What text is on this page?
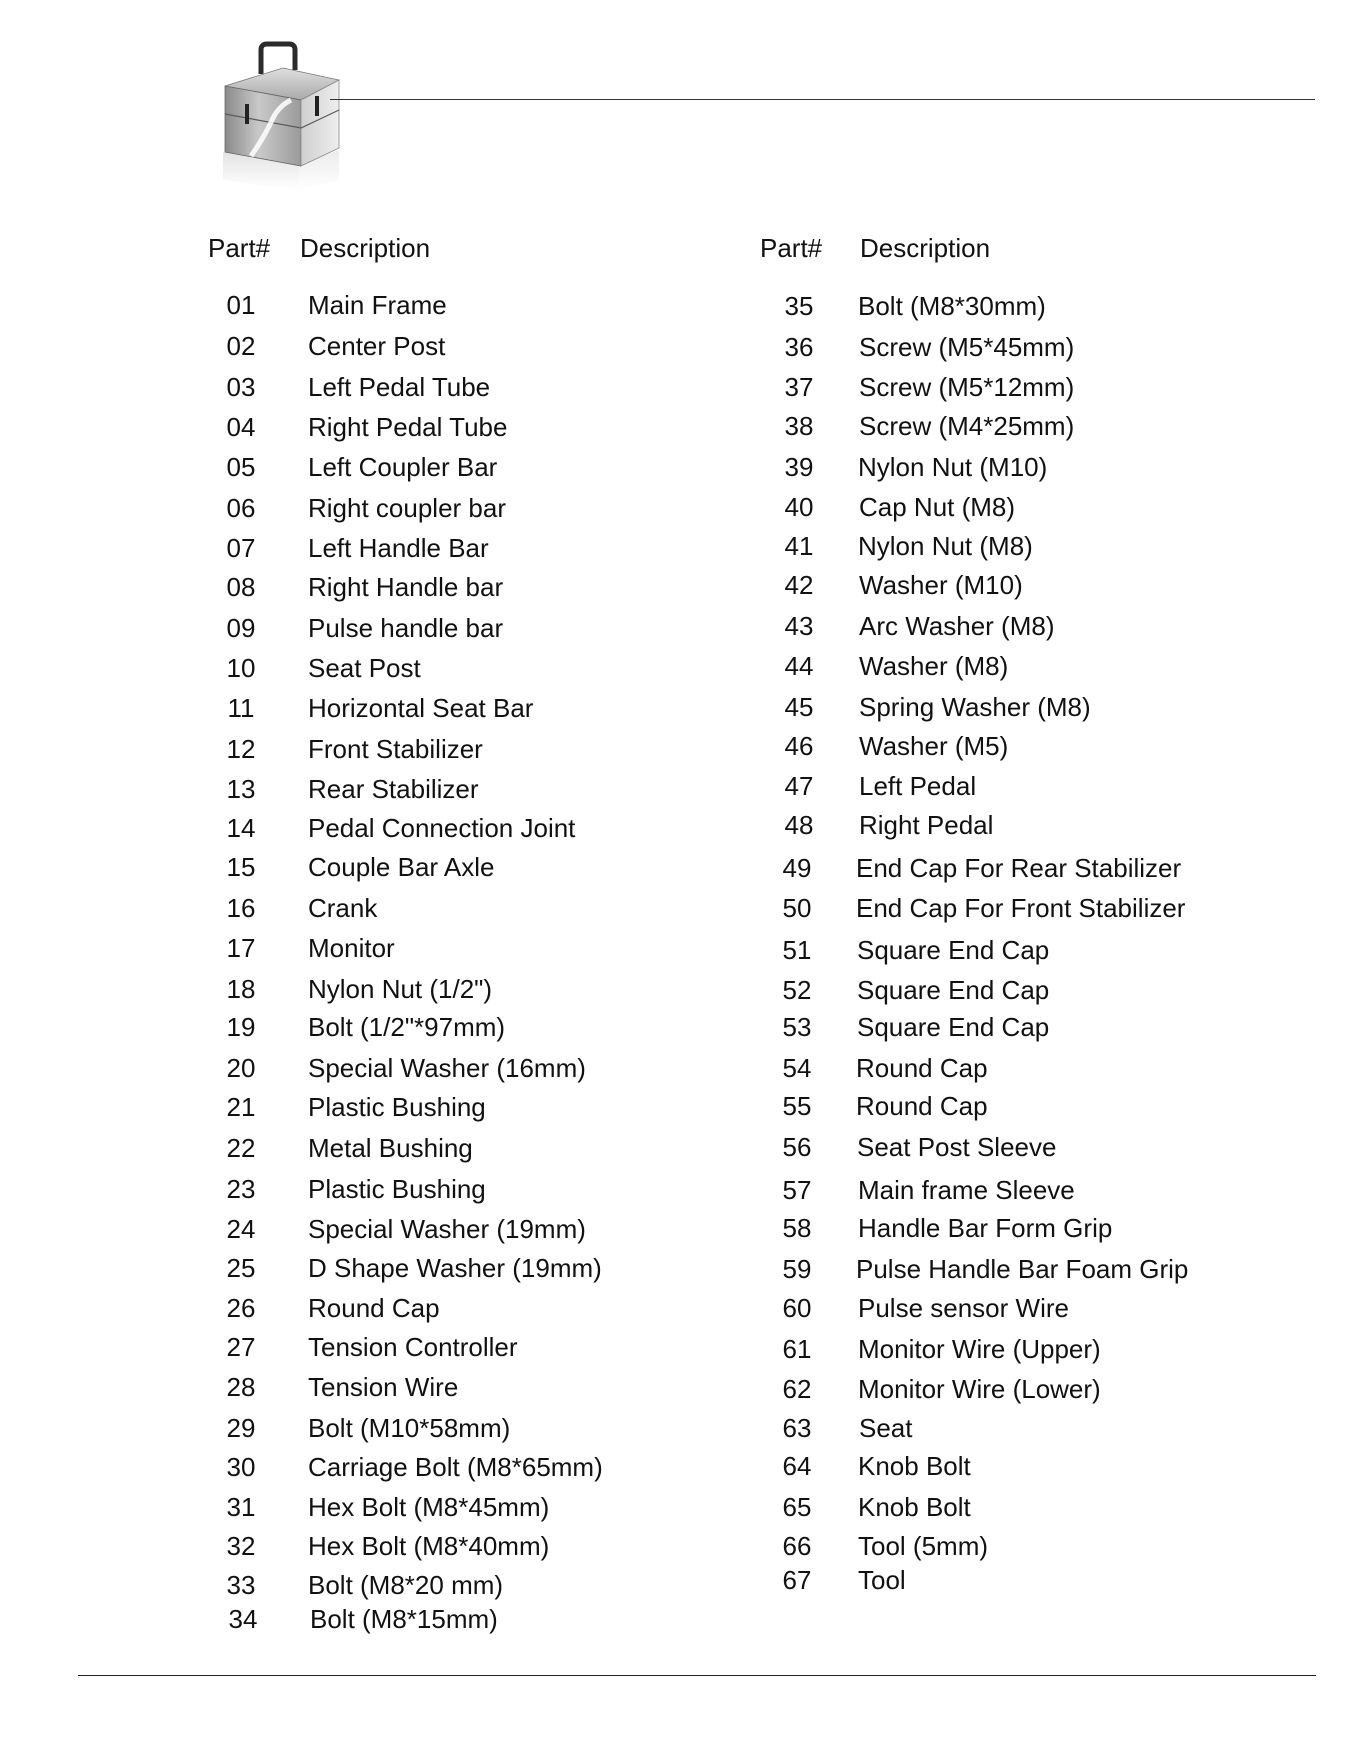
Part# Description
01	Main Frame
02	Center Post
03	Left Pedal Tube
04	Right Pedal Tube
05	Left Coupler Bar
06	Right coupler bar
07	Left Handle Bar
08	Right Handle bar
09	Pulse handle bar
10	Seat Post
11	Horizontal Seat Bar
12	Front Stabilizer
13	Rear Stabilizer
14	Pedal Connection Joint
15	Couple Bar Axle
16	Crank
17	Monitor
18	Nylon Nut (1/2")
19	Bolt (1/2"*97mm)
20	Special Washer (16mm)
21	Plastic Bushing
22	Metal Bushing
23	Plastic Bushing
24	Special Washer (19mm)
25	D Shape Washer (19mm)
26	Round Cap
27	Tension Controller
28	Tension Wire
29	Bolt (M10*58mm)
30	Carriage Bolt (M8*65mm)
31	Hex Bolt (M8*45mm)
32	Hex Bolt (M8*40mm)
33	Bolt (M8*20 mm)
34	Bolt (M8*15mm)
Part# Description
35	Bolt (M8*30mm)
36	Screw (M5*45mm)
37	Screw (M5*12mm)
38	Screw (M4*25mm)
39	Nylon Nut (M10)
40	Cap Nut (M8)
41	Nylon Nut (M8)
42	Washer (M10)
43	Arc Washer (M8)
44	Washer (M8)
45	Spring Washer (M8)
46	Washer (M5)
47	Left Pedal
48	Right Pedal
49	End Cap For Rear Stabilizer
50	End Cap For Front Stabilizer
51	Square End Cap
52	Square End Cap
53	Square End Cap
54	Round Cap
55	Round Cap
56	Seat Post Sleeve
57	Main frame Sleeve
58	Handle Bar Form Grip
59	Pulse Handle Bar Foam Grip
60	Pulse sensor Wire
61	Monitor Wire (Upper)
62	Monitor Wire (Lower)
63	Seat
64	Knob Bolt
65	Knob Bolt
66	Tool (5mm)
67	Tool
